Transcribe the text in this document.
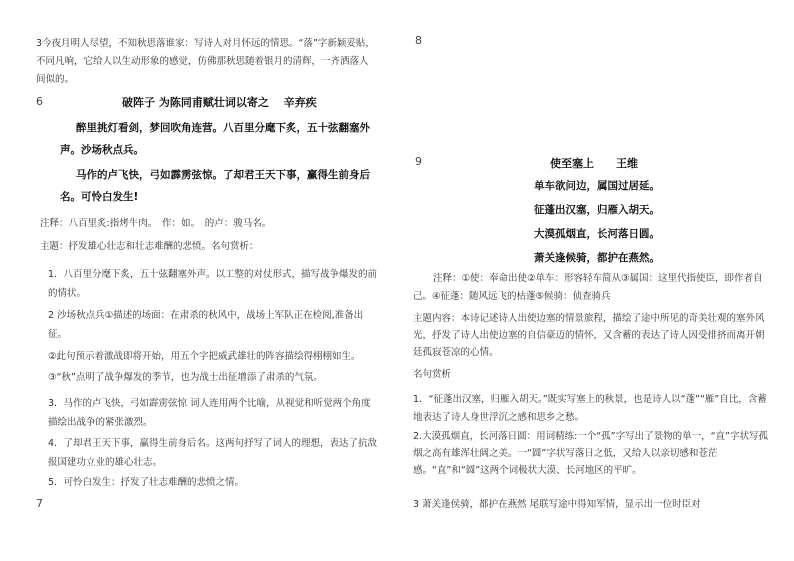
3今夜月明人尽望，不知秋思落谁家：写诗人对月怀远的情思。“落”字新颖妥贴，不同凡响，它给人以生动形象的感觉，仿佛那秋思随着银月的清辉，一齐洒落人间似的。
6	破阵子 为陈同甫赋壮词以寄之　 辛弃疾
醉里挑灯看剑，梦回吹角连营。八百里分麾下炙，五十弦翻塞外声。沙场秋点兵。
马作的卢飞快，弓如霹雳弦惊。了却君王天下事，赢得生前身后名。可怜白发生!
注释：八百里炙:指烤牛肉。　作：如。　的卢：骏马名。
主题：抒发雄心壮志和壮志难酬的悲愤。名句赏析：
1．八百里分麾下炙，五十弦翻塞外声。以工整的对仗形式，描写战争爆发的前的情状。
2 沙场秋点兵①描述的场面：在肃杀的秋风中，战场上军队正在检阅,准备出征。
②此句预示着激战即将开始，用五个字把威武雄壮的阵容描绘得栩栩如生。
③“秋”点明了战争爆发的季节，也为战士出征增添了肃杀的气氛。
3．马作的卢飞快，弓如霹雳弦惊 词人连用两个比喻，从视觉和听觉两个角度描绘出战争的紧张激烈。
4．了却君王天下事，赢得生前身后名。这两句抒写了词人的理想，表达了抗敌报国建功立业的雄心壮志。
5．可怜白发生：抒发了壮志难酬的悲愤之情。
7
8
9	使至塞上　　王维
单车欲问边，属国过居延。
征蓬出汉塞，归雁入胡天。
大漠孤烟直，长河落日圆。
萧关逢候骑，都护在燕然。
注释：①使：奉命出使②单车：形容轻车简从③属国：这里代指使臣，即作者自己。④征蓬：随风远飞的枯蓬⑤候骑：侦查骑兵
主题内容：本诗记述诗人出使边塞的情景旅程，描绘了途中所见的奇美壮观的塞外风光，抒发了诗人出使边塞的自信豪迈的情怀，又含蓄的表达了诗人因受排挤而离开朝廷孤寂苍凉的心情。
名句赏析
1．“征蓬出汉塞，归雁入胡天。”既实写塞上的秋景，也是诗人以“蓬”“雁”自比，含蓄地表达了诗人身世浮沉之感和思乡之愁。
2.大漠孤烟直，长河落日圆：用词精练:一个“孤”字写出了景物的单一，“直”字状写孤烟之高有雄浑壮阔之美。一“圆”字状写落日之低，又给人以亲切感和苍茫感。“直”和“圆”这两个词极状大漠、长河地区的平旷。
3 萧关逢侯骑，都护在燕然 尾联写途中得知军情，显示出一位时臣对
